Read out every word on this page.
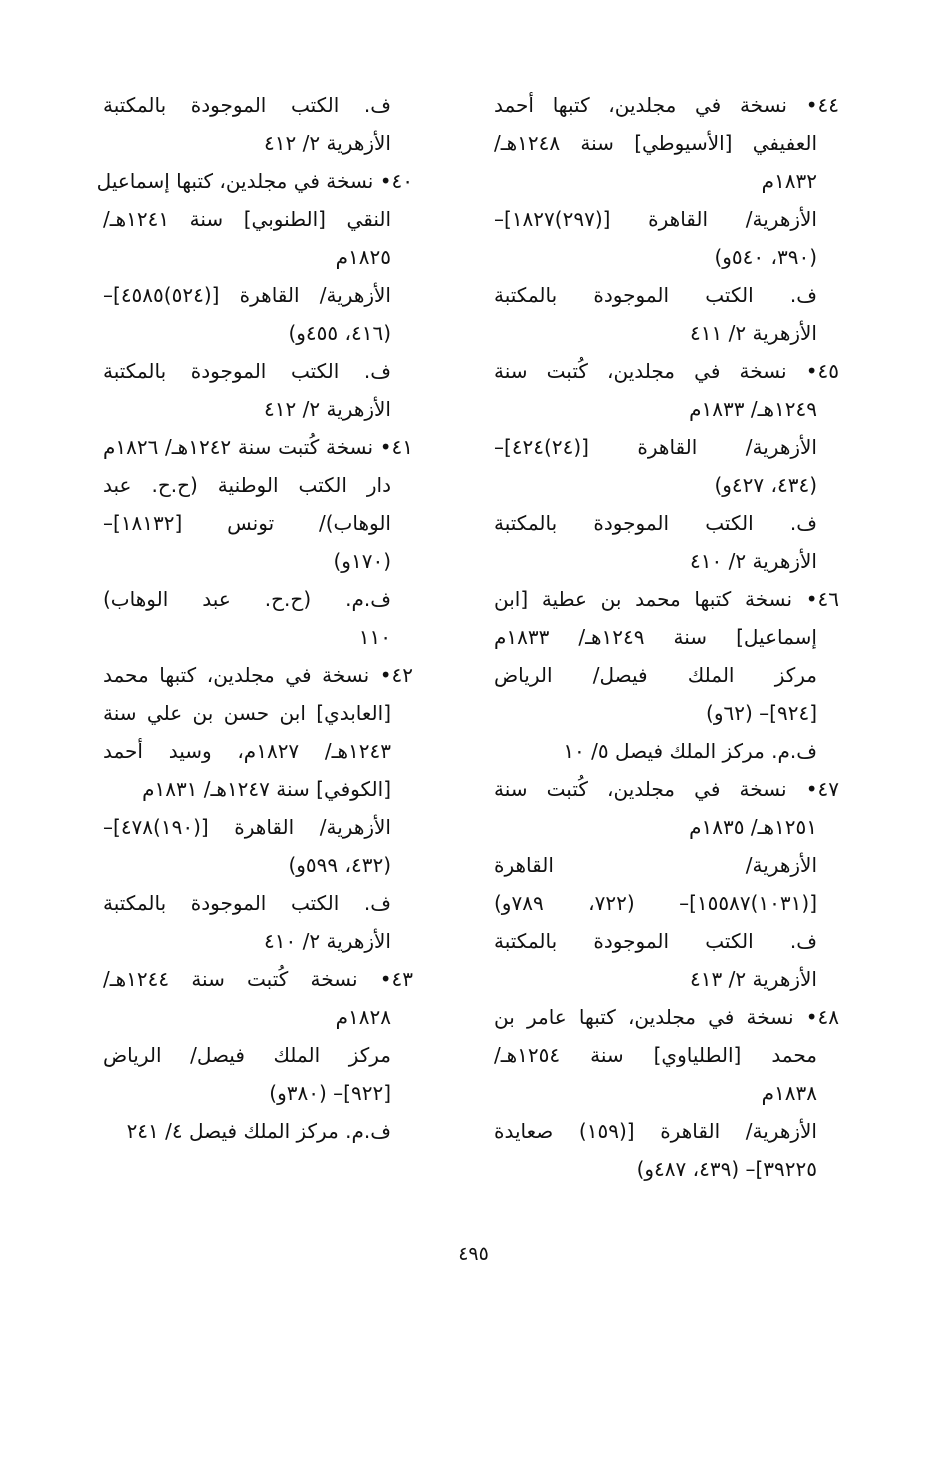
٤٤• نسخة في مجلدين، كتبها أحمد
العفيفي [الأسيوطي] سنة ١٢٤٨هـ/
١٨٣٢م
الأزهرية/ القاهرة [(٢٩٧)١٨٢٧]–
(٣٩٠، ٥٤٠و)
ف. الكتب الموجودة بالمكتبة
الأزهرية ٢/ ٤١١
٤٥• نسخة في مجلدين، كُتبت سنة
١٢٤٩هـ/ ١٨٣٣م
الأزهرية/ القاهرة [(٢٤)٤٢٤]–
(٤٣٤، ٤٢٧و)
ف. الكتب الموجودة بالمكتبة
الأزهرية ٢/ ٤١٠
٤٦• نسخة كتبها محمد بن عطية [ابن
إسماعيل] سنة ١٢٤٩هـ/ ١٨٣٣م
مركز الملك فيصل/ الرياض
[٩٢٤]– (٦٢و)
ف.م. مركز الملك فيصل ٥/ ١٠
٤٧• نسخة في مجلدين، كُتبت سنة
١٢٥١هـ/ ١٨٣٥م
الأزهرية/ القاهرة
[(١٠٣١)١٥٥٨٧]– (٧٢٢، ٧٨٩و)
ف. الكتب الموجودة بالمكتبة
الأزهرية ٢/ ٤١٣
٤٨• نسخة في مجلدين، كتبها عامر بن
محمد [الطلياوي] سنة ١٢٥٤هـ/
١٨٣٨م
الأزهرية/ القاهرة [(١٥٩) صعايدة
٣٩٢٢٥]– (٤٣٩، ٤٨٧و)
ف. الكتب الموجودة بالمكتبة
الأزهرية ٢/ ٤١٢
٤٠• نسخة في مجلدين، كتبها إسماعيل
النقي [الطنوبي] سنة ١٢٤١هـ/
١٨٢٥م
الأزهرية/ القاهرة [(٥٢٤)٤٥٨٥]–
(٤١٦، ٤٥٥و)
ف. الكتب الموجودة بالمكتبة
الأزهرية ٢/ ٤١٢
٤١• نسخة كُتبت سنة ١٢٤٢هـ/ ١٨٢٦م
دار الكتب الوطنية (ح.ح. عبد
الوهاب)/ تونس [١٨١٣٢]–
(١٧٠و)
ف.م. (ح.ح. عبد الوهاب)
١١٠
٤٢• نسخة في مجلدين، كتبها محمد
[العابدي] ابن حسن بن علي سنة
١٢٤٣هـ/ ١٨٢٧م، وسيد أحمد
[الكوفي] سنة ١٢٤٧هـ/ ١٨٣١م
الأزهرية/ القاهرة [(١٩٠)٤٧٨]–
(٤٣٢، ٥٩٩و)
ف. الكتب الموجودة بالمكتبة
الأزهرية ٢/ ٤١٠
٤٣• نسخة كُتبت سنة ١٢٤٤هـ/
١٨٢٨م
مركز الملك فيصل/ الرياض
[٩٢٢]– (٣٨٠و)
ف.م. مركز الملك فيصل ٤/ ٢٤١
٤٩٥
